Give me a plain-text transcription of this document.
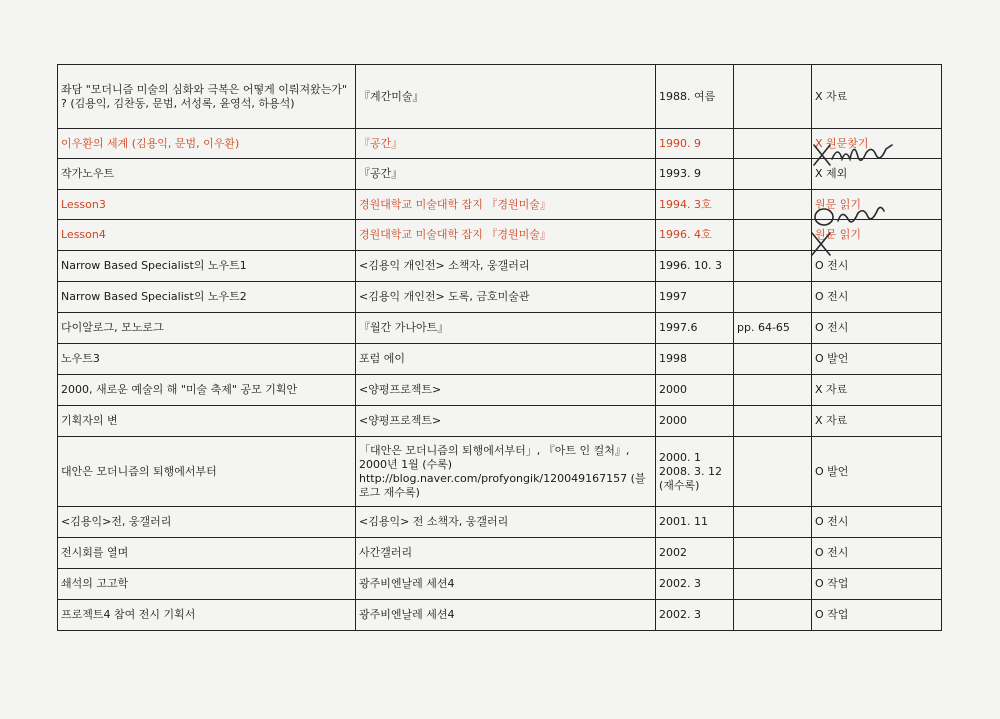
좌담 "모더니즘 미술의 심화와 극복은 어떻게 이뤄져왔는가" ? (김용익, 김찬동, 문범, 서성록, 윤영석, 하용석)	『계간미술』	1988. 여름		X 자료
이우환의 세계 (김용익, 문범, 이우환)	『공간』	1990. 9		X 원문찾기
작가노우트	『공간』	1993. 9		X 제외
Lesson3	경원대학교 미술대학 잡지 『경원미술』	1994. 3호		원문 읽기
Lesson4	경원대학교 미술대학 잡지 『경원미술』	1996. 4호		원문 읽기
Narrow Based Specialist의 노우트1	<김용익 개인전> 소책자, 웅갤러리	1996. 10. 3		O 전시
Narrow Based Specialist의 노우트2	<김용익 개인전> 도록, 금호미술관	1997		O 전시
다이알로그, 모노로그	『월간 가나아트』	1997.6	pp. 64-65	O 전시
노우트3	포럼 에이	1998		O 발언
2000, 새로운 예술의 해 "미술 축제" 공모 기획안	<양평프로젝트>	2000		X 자료
기획자의 변	<양평프로젝트>	2000		X 자료
대안은 모더니즘의 퇴행에서부터	「대안은 모더니즘의 퇴행에서부터」, 『아트 인 컬처』, 2000년 1월 (수록) http://blog.naver.com/profyongik/120049167157 (블로그 재수록)	2000. 1 2008. 3. 12 (재수록)		O 발언
<김용익>전, 웅갤러리	<김용익> 전 소책자, 웅갤러리	2001. 11		O 전시
전시회를 열며	사간갤러리	2002		O 전시
쇄석의 고고학	광주비엔날레 세션4	2002. 3		O 작업
프로젝트4 참여 전시 기획서	광주비엔날레 세션4	2002. 3		O 작업
